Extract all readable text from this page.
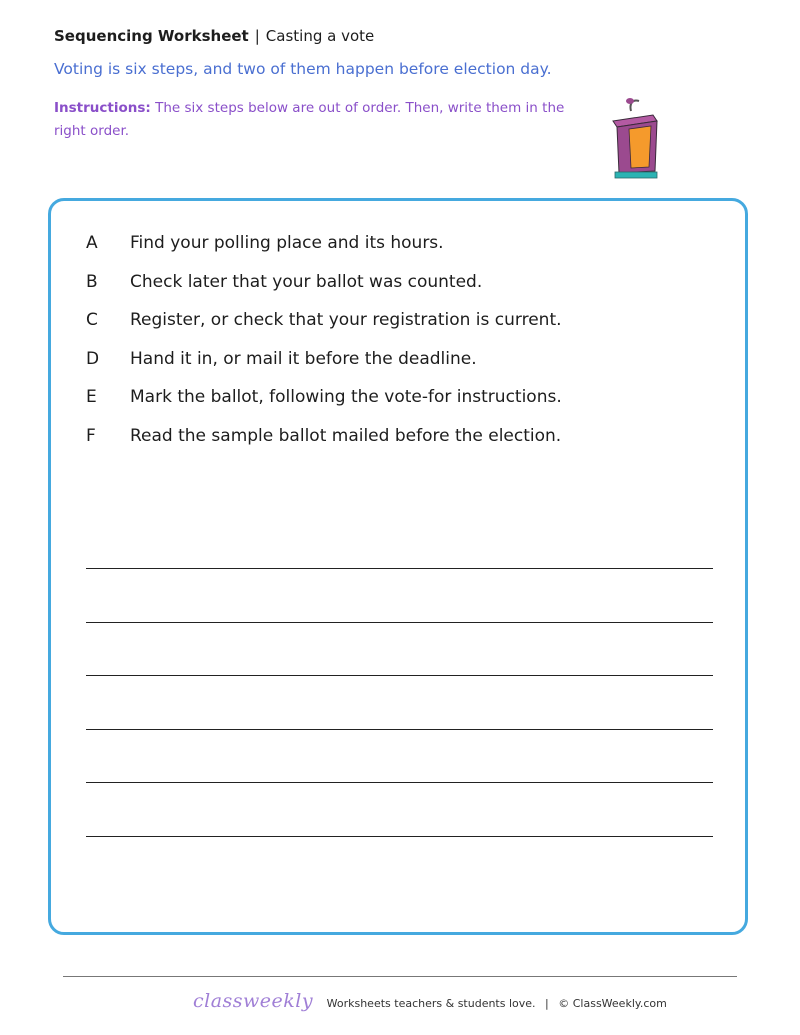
Sequencing Worksheet | Casting a vote
Voting is six steps, and two of them happen before election day.
Instructions: The six steps below are out of order. Then, write them in the right order.
A	Find your polling place and its hours.
B	Check later that your ballot was counted.
C	Register, or check that your registration is current.
D	Hand it in, or mail it before the deadline.
E	Mark the ballot, following the vote-for instructions.
F	Read the sample ballot mailed before the election.
classweekly Worksheets teachers & students love. | © ClassWeekly.com
